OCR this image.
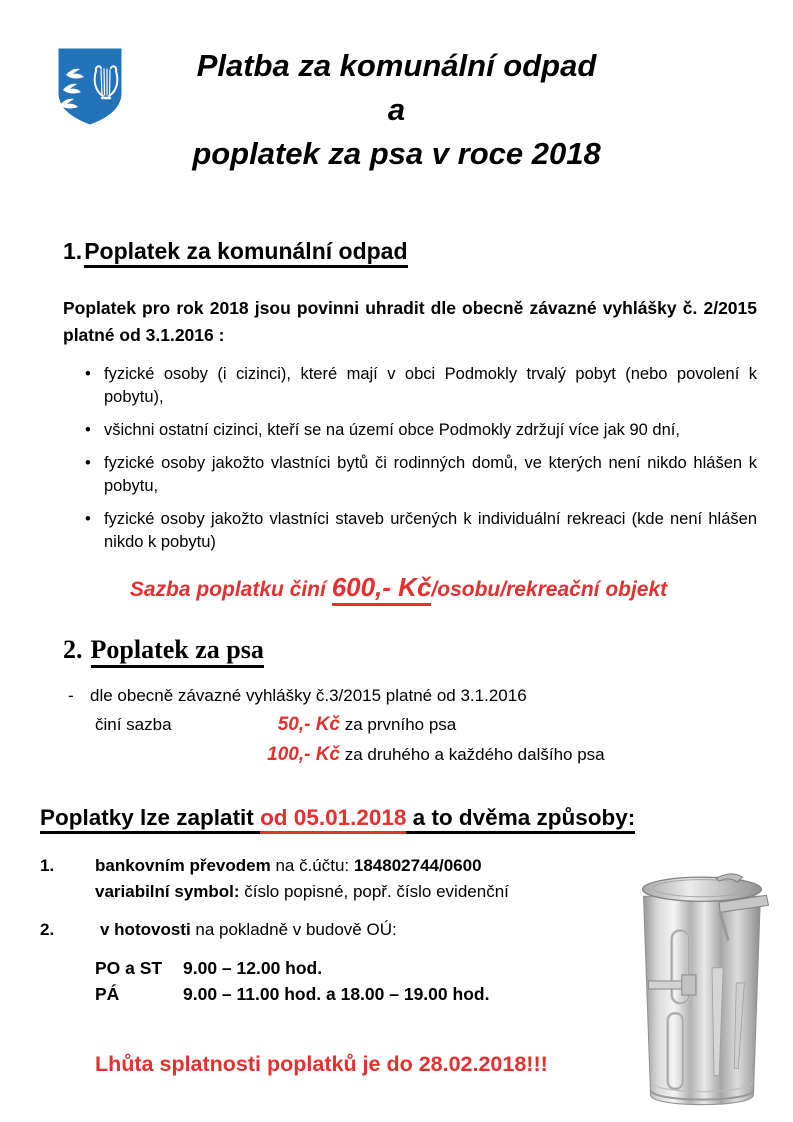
Platba za komunální odpad
a
poplatek za psa v roce 2018
1.Poplatek za komunální odpad

Poplatek pro rok 2018 jsou povinni uhradit dle obecně závazné vyhlášky č. 2/2015 platné od 3.1.2016 :

• fyzické osoby (i cizinci), které mají v obci Podmokly trvalý pobyt (nebo povolení k pobytu),
• všichni ostatní cizinci, kteří se na území obce Podmokly zdržují více jak 90 dní,
• fyzické osoby jakožto vlastníci bytů či rodinných domů, ve kterých není nikdo hlášen k pobytu,
• fyzické osoby jakožto vlastníci staveb určených k individuální rekreaci (kde není hlášen nikdo k pobytu)
Sazba poplatku činí 600,- Kč/osobu/rekreační objekt
2. Poplatek za psa
- dle obecně závazné vyhlášky č.3/2015 platné od 3.1.2016
činí sazba	50,- Kč za prvního psa
100,- Kč za druhého a každého dalšího psa
Poplatky lze zaplatit od 05.01.2018 a to dvěma způsoby:
1.	bankovním převodem na č.účtu: 184802744/0600
variabilní symbol: číslo popisné, popř. číslo evidenční
2.	v hotovosti na pokladně v budově OÚ:
PO a ST	9.00 – 12.00 hod.
PÁ	9.00 – 11.00 hod. a 18.00 – 19.00 hod.
Lhůta splatnosti poplatků je do 28.02.2018!!!
